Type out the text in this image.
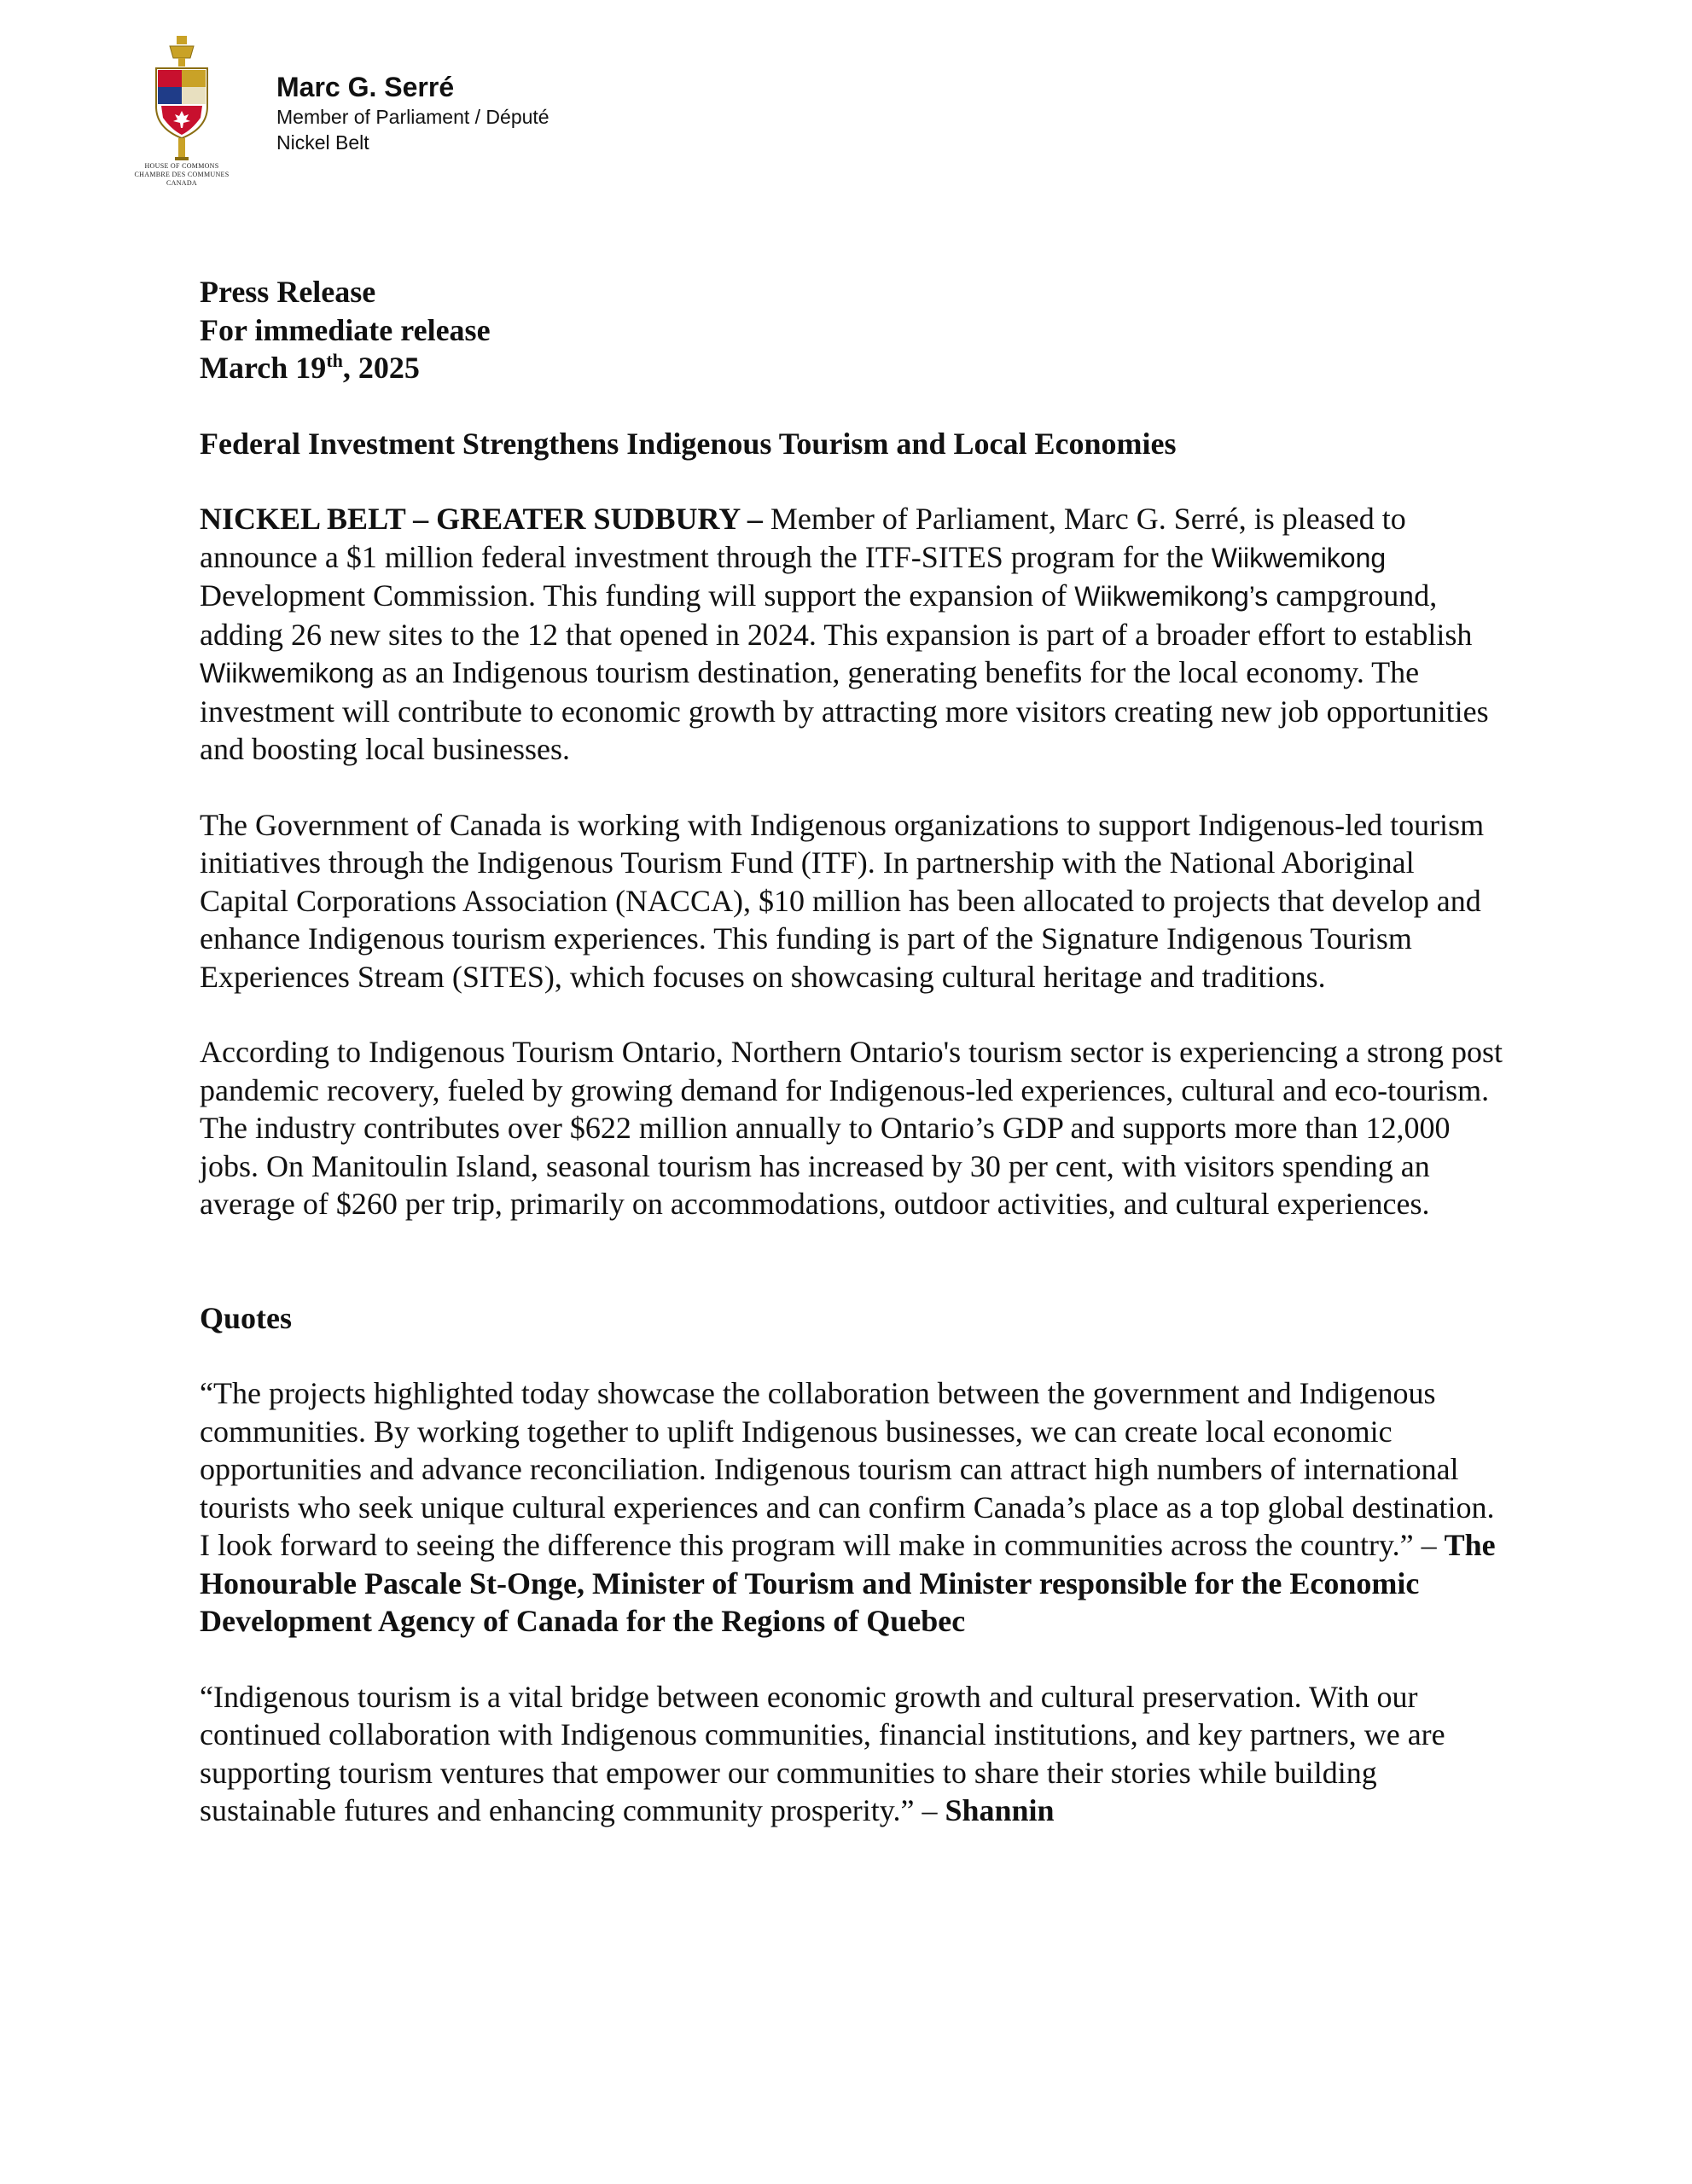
HOUSE OF COMMONS
CHAMBRE DES COMMUNES
CANADA
Marc G. Serré
Member of Parliament / Député
Nickel Belt

Press Release

For immediate release

March 19th, 2025

Federal Investment Strengthens Indigenous Tourism and Local Economies

NICKEL BELT – GREATER SUDBURY – Member of Parliament, Marc G. Serré, is pleased to announce a $1 million federal investment through the ITF-SITES program for the Wiikwemikong Development Commission. This funding will support the expansion of Wiikwemikong’s campground, adding 26 new sites to the 12 that opened in 2024. This expansion is part of a broader effort to establish Wiikwemikong as an Indigenous tourism destination, generating benefits for the local economy. The investment will contribute to economic growth by attracting more visitors creating new job opportunities and boosting local businesses.

The Government of Canada is working with Indigenous organizations to support Indigenous-led tourism initiatives through the Indigenous Tourism Fund (ITF). In partnership with the National Aboriginal Capital Corporations Association (NACCA), $10 million has been allocated to projects that develop and enhance Indigenous tourism experiences. This funding is part of the Signature Indigenous Tourism Experiences Stream (SITES), which focuses on showcasing cultural heritage and traditions.

According to Indigenous Tourism Ontario, Northern Ontario's tourism sector is experiencing a strong post pandemic recovery, fueled by growing demand for Indigenous-led experiences, cultural and eco-tourism. The industry contributes over $622 million annually to Ontario’s GDP and supports more than 12,000 jobs. On Manitoulin Island, seasonal tourism has increased by 30 per cent, with visitors spending an average of $260 per trip, primarily on accommodations, outdoor activities, and cultural experiences.

Quotes

“The projects highlighted today showcase the collaboration between the government and Indigenous communities. By working together to uplift Indigenous businesses, we can create local economic opportunities and advance reconciliation. Indigenous tourism can attract high numbers of international tourists who seek unique cultural experiences and can confirm Canada’s place as a top global destination. I look forward to seeing the difference this program will make in communities across the country.” – The Honourable Pascale St-Onge, Minister of Tourism and Minister responsible for the Economic Development Agency of Canada for the Regions of Quebec

“Indigenous tourism is a vital bridge between economic growth and cultural preservation. With our continued collaboration with Indigenous communities, financial institutions, and key partners, we are supporting tourism ventures that empower our communities to share their stories while building sustainable futures and enhancing community prosperity.” – Shannin
